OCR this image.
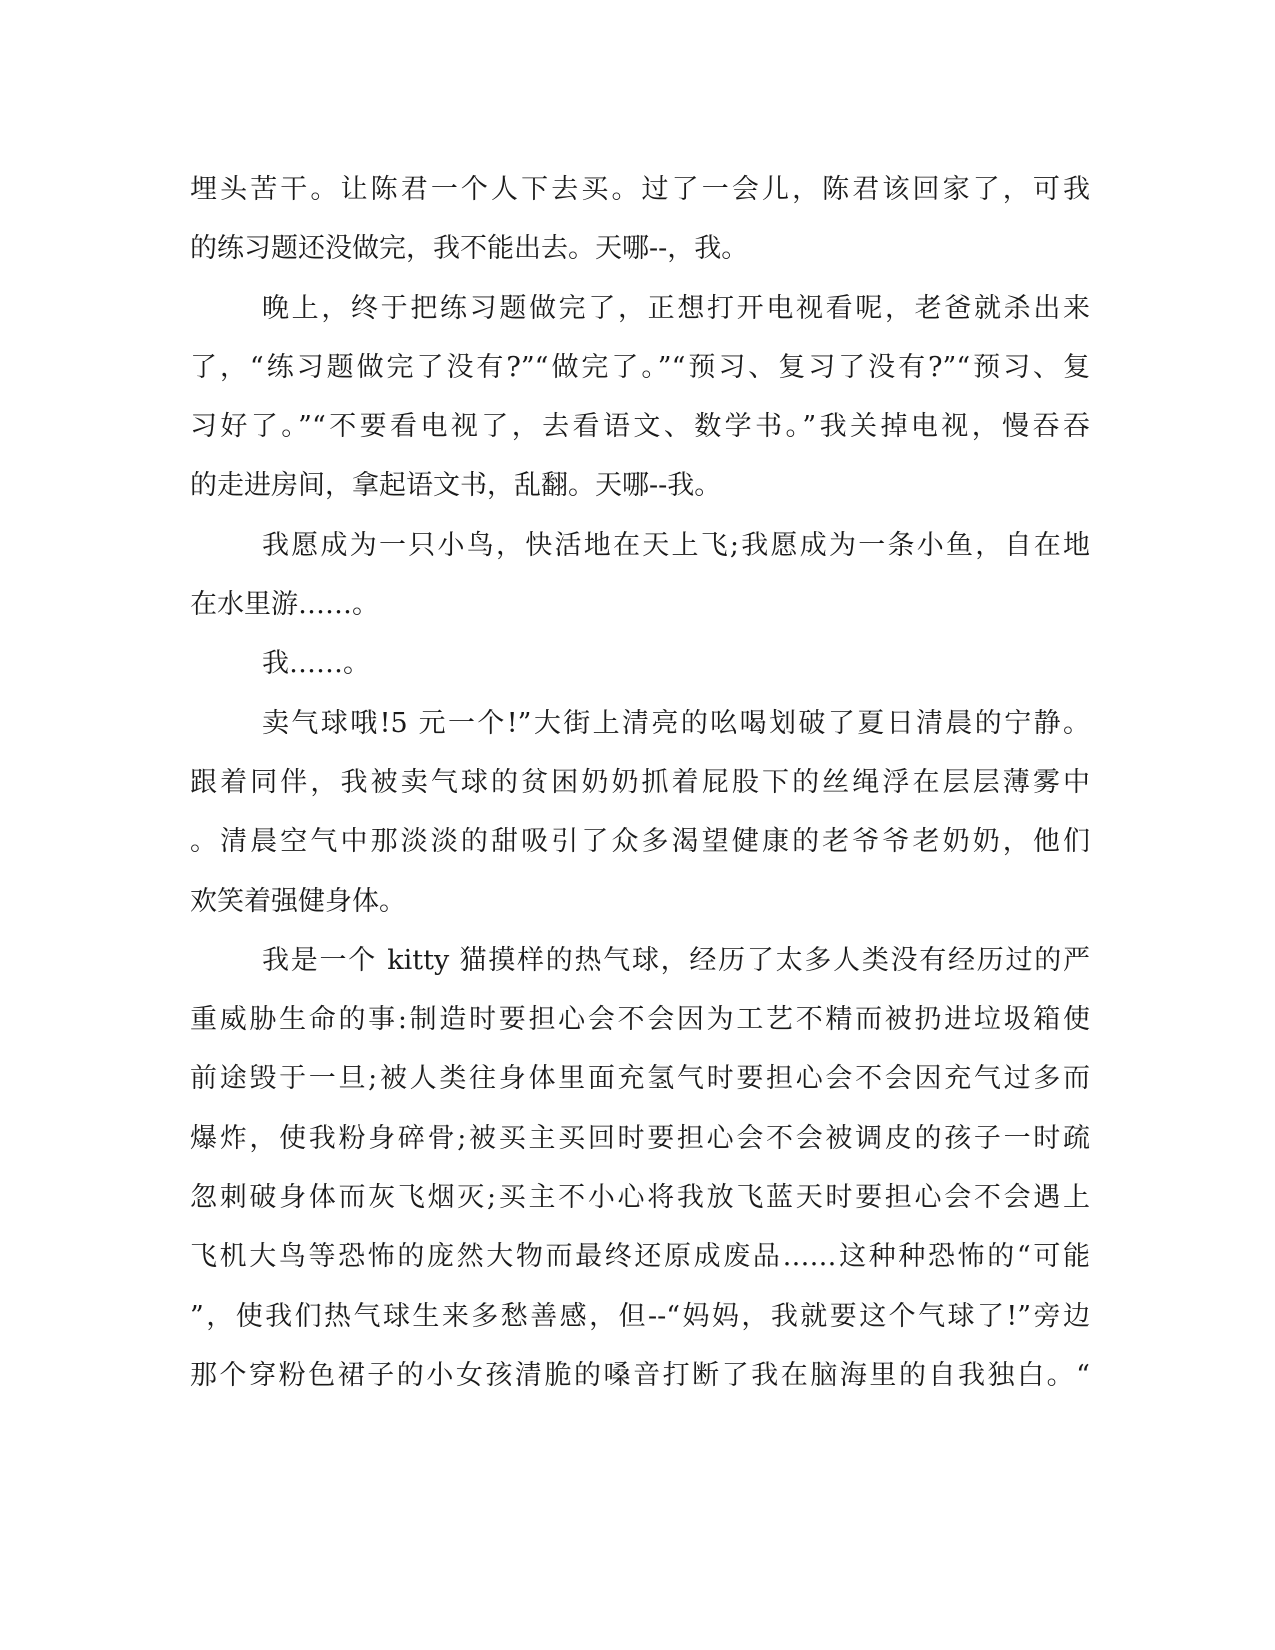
埋头苦干。让陈君一个人下去买。过了一会儿，陈君该回家了，可我
的练习题还没做完，我不能出去。天哪--，我。
晚上，终于把练习题做完了，正想打开电视看呢，老爸就杀出来
了，“练习题做完了没有?”“做完了。”“预习、复习了没有?”“预习、复
习好了。”“不要看电视了，去看语文、数学书。”我关掉电视，慢吞吞
的走进房间，拿起语文书，乱翻。天哪--我。
我愿成为一只小鸟，快活地在天上飞;我愿成为一条小鱼，自在地
在水里游……。
我……。
卖气球哦!5 元一个!”大街上清亮的吆喝划破了夏日清晨的宁静。
跟着同伴，我被卖气球的贫困奶奶抓着屁股下的丝绳浮在层层薄雾中
。清晨空气中那淡淡的甜吸引了众多渴望健康的老爷爷老奶奶，他们
欢笑着强健身体。
我是一个 kitty 猫摸样的热气球，经历了太多人类没有经历过的严
重威胁生命的事:制造时要担心会不会因为工艺不精而被扔进垃圾箱使
前途毁于一旦;被人类往身体里面充氢气时要担心会不会因充气过多而
爆炸，使我粉身碎骨;被买主买回时要担心会不会被调皮的孩子一时疏
忽刺破身体而灰飞烟灭;买主不小心将我放飞蓝天时要担心会不会遇上
飞机大鸟等恐怖的庞然大物而最终还原成废品……这种种恐怖的“可能
”，使我们热气球生来多愁善感，但--“妈妈，我就要这个气球了!”旁边
那个穿粉色裙子的小女孩清脆的嗓音打断了我在脑海里的自我独白。“
